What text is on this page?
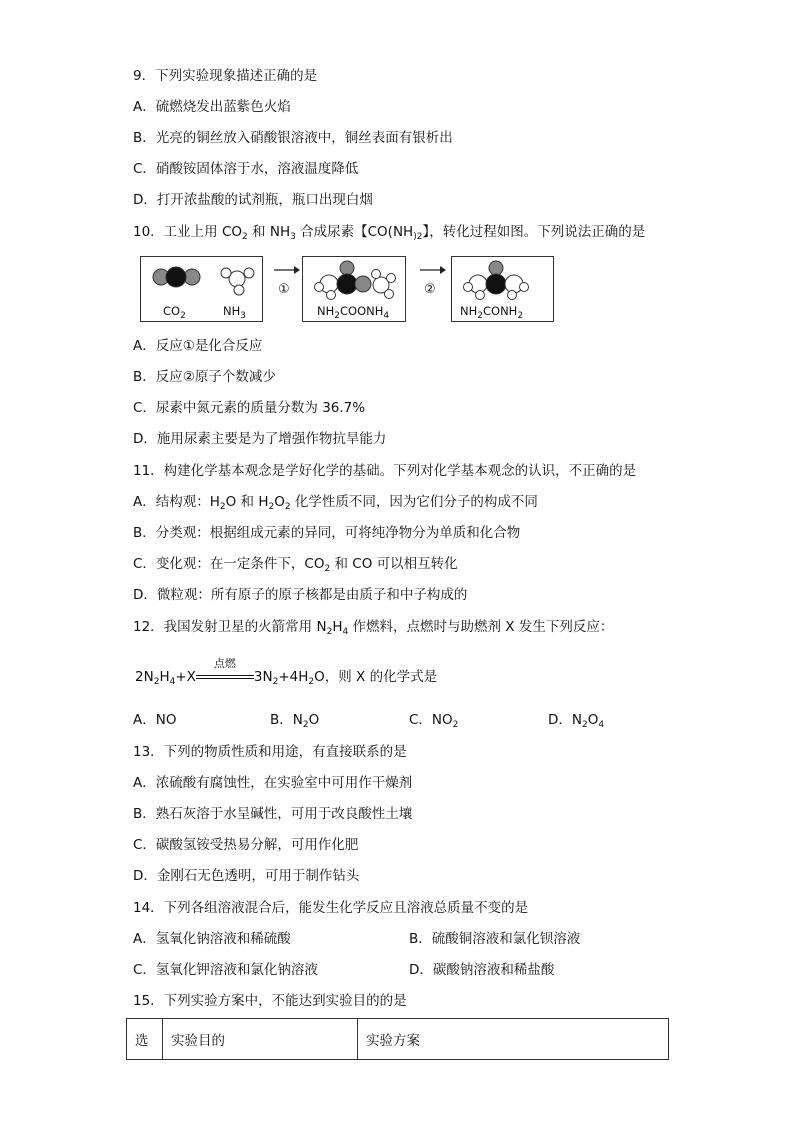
9．下列实验现象描述正确的是
A．硫燃烧发出蓝紫色火焰
B．光亮的铜丝放入硝酸银溶液中，铜丝表面有银析出
C．硝酸铵固体溶于水，溶液温度降低
D．打开浓盐酸的试剂瓶，瓶口出现白烟
10．工业上用 $CO_2$ 和 $NH_3$ 合成尿素【$CO(NH_{)2}$】，转化过程如图。下列说法正确的是
$CO_2$	$NH_3$
①
$NH_2COONH_4$
②
$NH_2CONH_2$
A．反应①是化合反应
B．反应②原子个数减少
C．尿素中氮元素的质量分数为 36.7%
D．施用尿素主要是为了增强作物抗旱能力
11．构建化学基本观念是学好化学的基础。下列对化学基本观念的认识，不正确的是
A．结构观：$H_2O$ 和 $H_2O_2$ 化学性质不同，因为它们分子的构成不同
B．分类观：根据组成元素的异同，可将纯净物分为单质和化合物
C．变化观：在一定条件下，$CO_2$ 和 CO 可以相互转化
D．微粒观：所有原子的原子核都是由质子和中子构成的
12．我国发射卫星的火箭常用 $N_2H_4$ 作燃料，点燃时与助燃剂 X 发生下列反应：
$2N_2H_4+X$
点燃
$3N_2+4H_2O$，则 X 的化学式是
A．NO	B．$N_2O$	C．$NO_2$	D．$N_2O_4$
13．下列的物质性质和用途，有直接联系的是
A．浓硫酸有腐蚀性，在实验室中可用作干燥剂
B．熟石灰溶于水呈碱性，可用于改良酸性土壤
C．碳酸氢铵受热易分解，可用作化肥
D．金刚石无色透明，可用于制作钻头
14．下列各组溶液混合后，能发生化学反应且溶液总质量不变的是
A．氢氧化钠溶液和稀硫酸	B．硫酸铜溶液和氯化钡溶液
C．氢氧化钾溶液和氯化钠溶液	D．碳酸钠溶液和稀盐酸
15．下列实验方案中，不能达到实验目的的是
选	实验目的	实验方案
